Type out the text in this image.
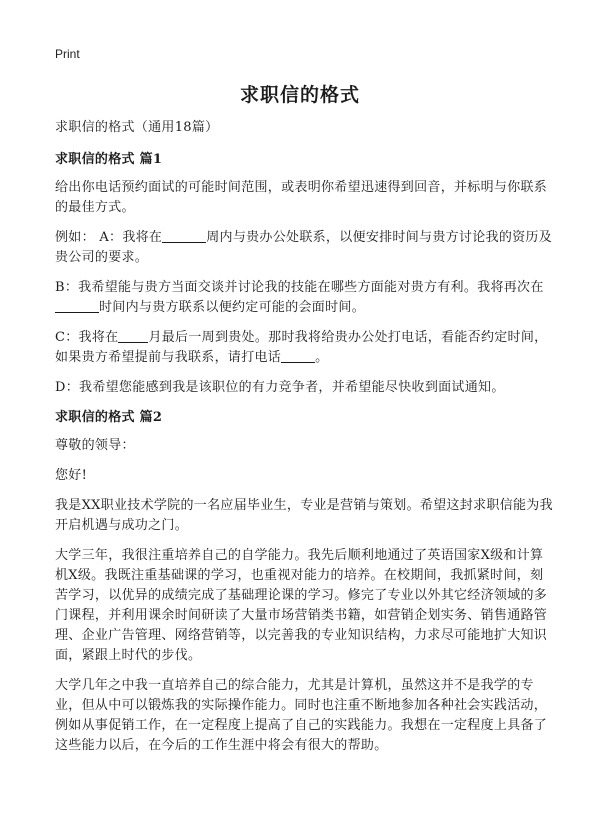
Print
求职信的格式

求职信的格式（通用18篇）

求职信的格式 篇1

给出你电话预约面试的可能时间范围，或表明你希望迅速得到回音，并标明与你联系的最佳方式。

例如： A：我将在	周内与贵办公处联系，以便安排时间与贵方讨论我的资历及贵公司的要求。

B：我希望能与贵方当面交谈并讨论我的技能在哪些方面能对贵方有利。我将再次在时间内与贵方联系以便约定可能的会面时间。

C：我将在 月最后一周到贵处。那时我将给贵办公处打电话，看能否约定时间，如果贵方希望提前与我联系，请打电话	。

D：我希望您能感到我是该职位的有力竞争者，并希望能尽快收到面试通知。

求职信的格式 篇2

尊敬的领导：

您好!

我是XX职业技术学院的一名应届毕业生，专业是营销与策划。希望这封求职信能为我开启机遇与成功之门。

大学三年，我很注重培养自己的自学能力。我先后顺利地通过了英语国家X级和计算机X级。我既注重基础课的学习，也重视对能力的培养。在校期间，我抓紧时间，刻苦学习，以优异的成绩完成了基础理论课的学习。修完了专业以外其它经济领域的多门课程，并利用课余时间研读了大量市场营销类书籍，如营销企划实务、销售通路管理、企业广告管理、网络营销等，以完善我的专业知识结构，力求尽可能地扩大知识面，紧跟上时代的步伐。

大学几年之中我一直培养自己的综合能力，尤其是计算机，虽然这并不是我学的专业，但从中可以锻炼我的实际操作能力。同时也注重不断地参加各种社会实践活动，例如从事促销工作，在一定程度上提高了自己的实践能力。我想在一定程度上具备了这些能力以后，在今后的工作生涯中将会有很大的帮助。
